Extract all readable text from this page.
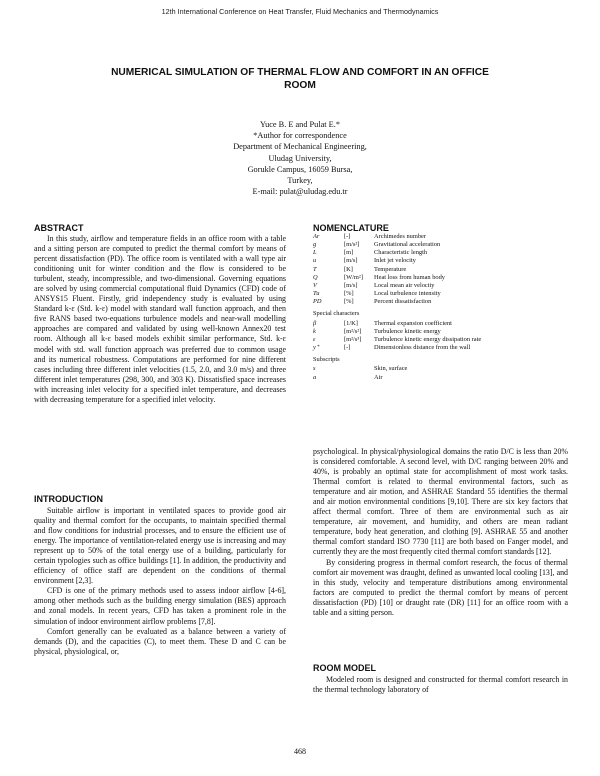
12th International Conference on Heat Transfer, Fluid Mechanics and Thermodynamics
NUMERICAL SIMULATION OF THERMAL FLOW AND COMFORT IN AN OFFICE
ROOM
Yuce B. E and Pulat E.*
*Author for correspondence
Department of Mechanical Engineering,
Uludag University,
Gorukle Campus, 16059 Bursa,
Turkey,
E-mail: pulat@uludag.edu.tr
ABSTRACT

In this study, airflow and temperature fields in an office room with a table and a sitting person are computed to predict the thermal comfort by means of percent dissatisfaction (PD). The office room is ventilated with a wall type air conditioning unit for winter condition and the flow is considered to be turbulent, steady, incompressible, and two-dimensional. Governing equations are solved by using commercial computational fluid Dynamics (CFD) code of ANSYS15 Fluent. Firstly, grid independency study is evaluated by using Standard k-ε (Std. k-ε) model with standard wall function approach, and then five RANS based two-equations turbulence models and near-wall modelling approaches are compared and validated by using well-known Annex20 test room. Although all k-ε based models exhibit similar performance, Std. k-ε model with std. wall function approach was preferred due to common usage and its numerical robustness. Computations are performed for nine different cases including three different inlet velocities (1.5, 2.0, and 3.0 m/s) and three different inlet temperatures (298, 300, and 303 K). Dissatisfied space increases with increasing inlet velocity for a specified inlet temperature, and decreases with decreasing temperature for a specified inlet velocity.

INTRODUCTION

Suitable airflow is important in ventilated spaces to provide good air quality and thermal comfort for the occupants, to maintain specified thermal and flow conditions for industrial processes, and to ensure the efficient use of energy. The importance of ventilation-related energy use is increasing and may represent up to 50% of the total energy use of a building, particularly for certain typologies such as office buildings [1]. In addition, the productivity and efficiency of office staff are dependent on the conditions of thermal environment [2,3].

CFD is one of the primary methods used to assess indoor airflow [4-6], among other methods such as the building energy simulation (BES) approach and zonal models. In recent years, CFD has taken a prominent role in the simulation of indoor environment airflow problems [7,8].

Comfort generally can be evaluated as a balance between a variety of demands (D), and the capacities (C), to meet them. These D and C can be physical, physiological, or,

NOMENCLATURE
Ar	[-]	Archimedes number
g	[m/s²]	Gravitational acceleration
L	[m]	Characteristic length
u	[m/s]	Inlet jet velocity
T	[K]	Temperature
Q	[W/m²]	Heat loss from human body
V	[m/s]	Local mean air velocity
Tu	[%]	Local turbulence intensity
PD	[%]	Percent dissatisfaction
Special characters
β	[1/K]	Thermal expansion coefficient
k	[m²/s²]	Turbulence kinetic energy
ε	[m²/s³]	Turbulence kinetic energy dissipation rate
y⁺	[-]	Dimensionless distance from the wall
Subscripts
s	Skin, surface
a	Air

psychological. In physical/physiological domains the ratio D/C is less than 20% is considered comfortable. A second level, with D/C ranging between 20% and 40%, is probably an optimal state for accomplishment of most work tasks. Thermal comfort is related to thermal environmental factors, such as temperature and air motion, and ASHRAE Standard 55 identifies the thermal and air motion environmental conditions [9,10]. There are six key factors that affect thermal comfort. Three of them are environmental such as air temperature, air movement, and humidity, and others are mean radiant temperature, body heat generation, and clothing [9]. ASHRAE 55 and another thermal comfort standard ISO 7730 [11] are both based on Fanger model, and currently they are the most frequently cited thermal comfort standards [12].

By considering progress in thermal comfort research, the focus of thermal comfort air movement was draught, defined as unwanted local cooling [13], and in this study, velocity and temperature distributions among environmental factors are computed to predict the thermal comfort by means of percent dissatisfaction (PD) [10] or draught rate (DR) [11] for an office room with a table and a sitting person.

ROOM MODEL

Modeled room is designed and constructed for thermal comfort research in the thermal technology laboratory of

468
